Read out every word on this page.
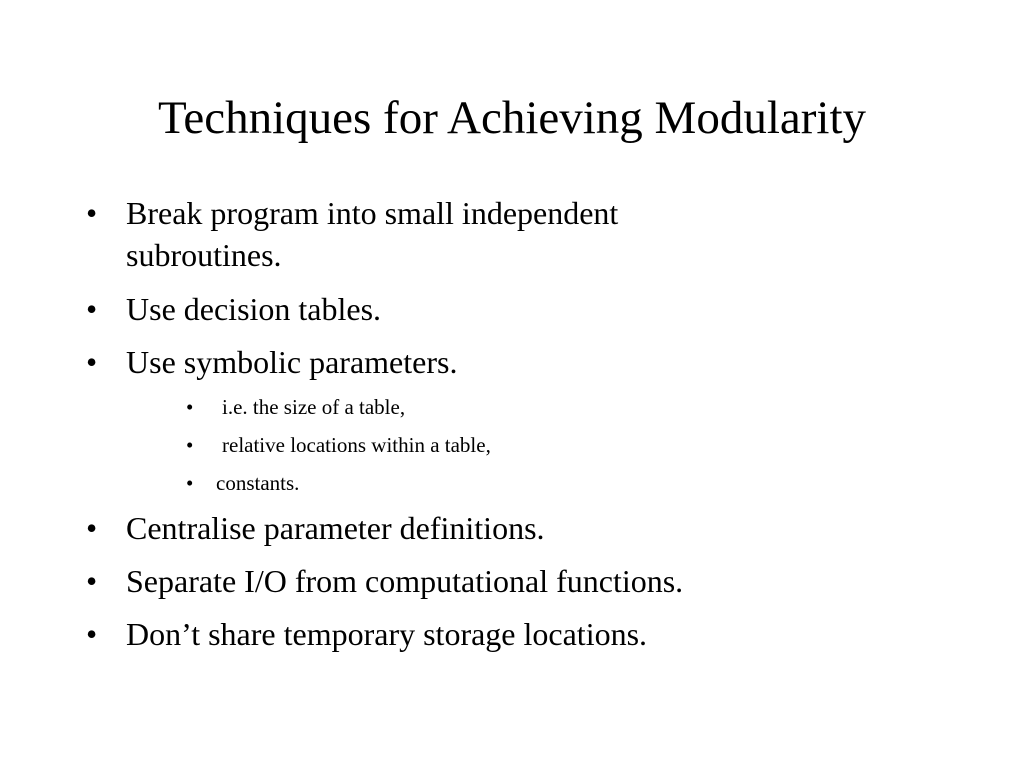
Techniques for Achieving Modularity
• Break program into small independent
subroutines.
• Use decision tables.
• Use symbolic parameters.
•	i.e. the size of a table,
•	relative locations within a table,
•	constants.
• Centralise parameter definitions.
• Separate I/O from computational functions.
• Don’t share temporary storage locations.
